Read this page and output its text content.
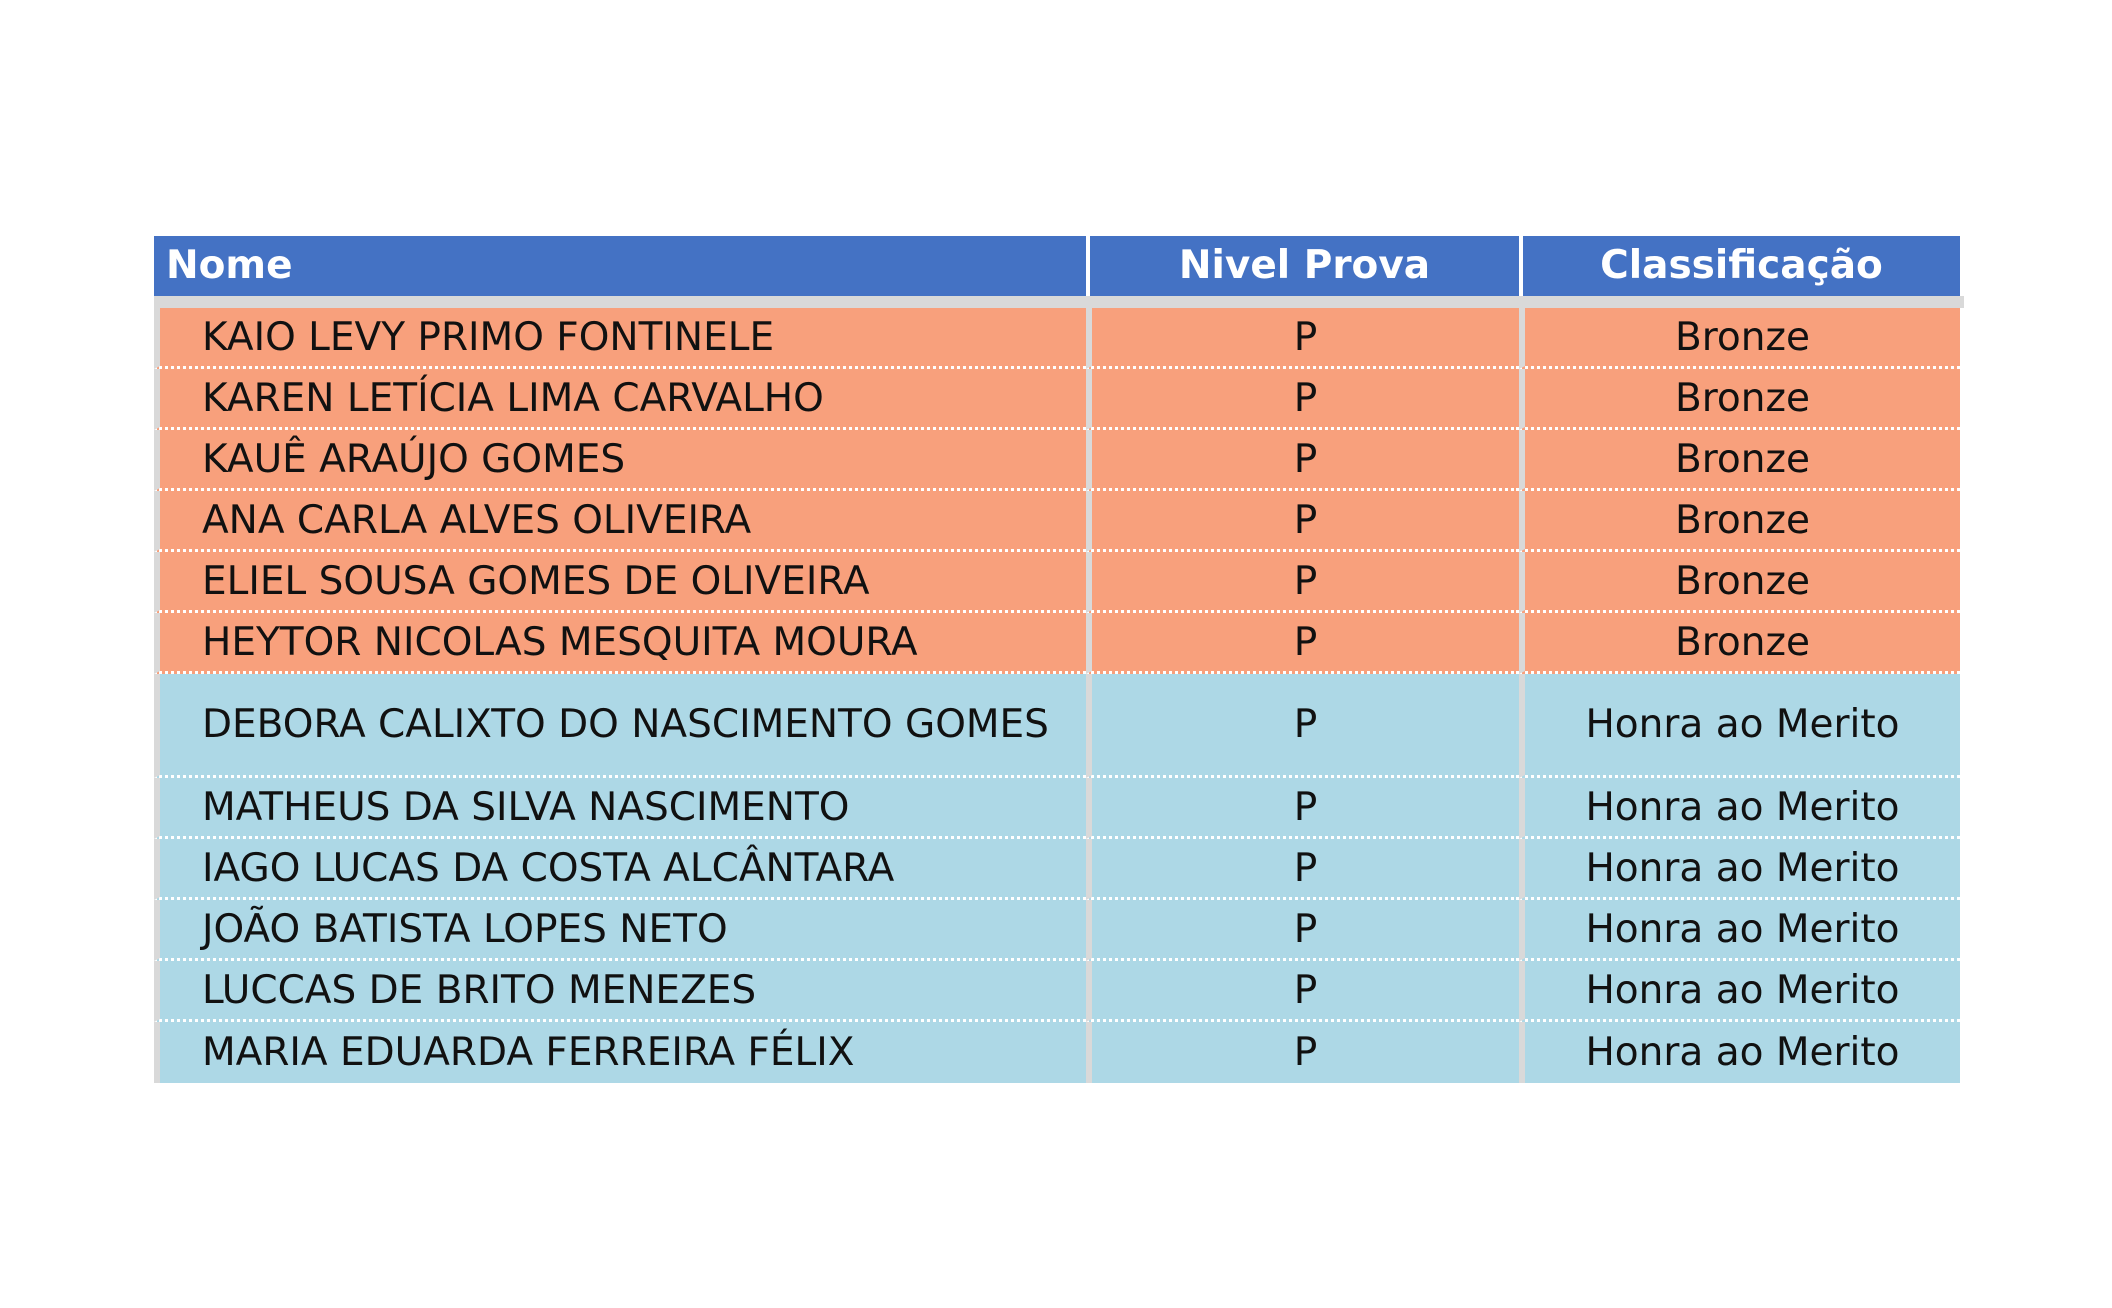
Nome	Nivel Prova	Classificação
KAIO LEVY PRIMO FONTINELE	P	Bronze
KAREN LETÍCIA LIMA CARVALHO	P	Bronze
KAUÊ ARAÚJO GOMES	P	Bronze
ANA CARLA ALVES OLIVEIRA	P	Bronze
ELIEL SOUSA GOMES DE OLIVEIRA	P	Bronze
HEYTOR NICOLAS MESQUITA MOURA	P	Bronze
DEBORA CALIXTO DO NASCIMENTO GOMES	P	Honra ao Merito
MATHEUS DA SILVA NASCIMENTO	P	Honra ao Merito
IAGO LUCAS DA COSTA ALCÂNTARA	P	Honra ao Merito
JOÃO BATISTA LOPES NETO	P	Honra ao Merito
LUCCAS DE BRITO MENEZES	P	Honra ao Merito
MARIA EDUARDA FERREIRA FÉLIX	P	Honra ao Merito
